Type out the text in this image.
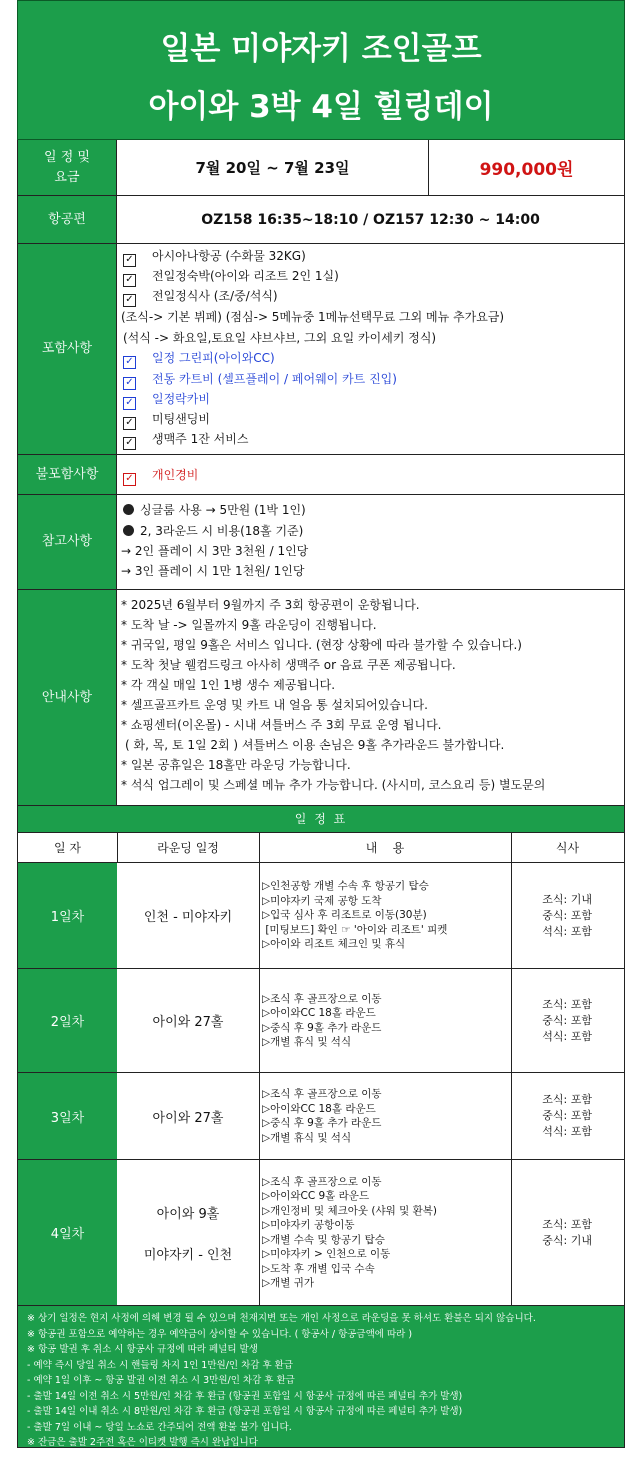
일본 미야자키 조인골프
아이와 3박 4일 힐링데이
일 정 및
요금	7월 20일 ~ 7월 23일	990,000원
항공편	OZ158 16:35~18:10 / OZ157 12:30 ~ 14:00
포함사항
✓ 아시아나항공 (수화물 32KG)
✓ 전일정숙박(아이와 리조트 2인 1실)
✓ 전일정식사 (조/중/석식)
(조식-> 기본 뷔페) (점심-> 5메뉴중 1메뉴선택무료 그외 메뉴 추가요금)
(석식 -> 화요일,토요일 샤브샤브, 그외 요일 카이세키 정식)
✓ 일정 그린피(아이와CC)
✓ 전동 카트비 (셀프플레이 / 페어웨이 카트 진입)
✓ 일정락카비
✓ 미팅샌딩비
✓ 생맥주 1잔 서비스
불포함사항	✓ 개인경비
참고사항
싱글룸 사용 → 5만원 (1박 1인)
2, 3라운드 시 비용(18홀 기준)
→ 2인 플레이 시 3만 3천원 / 1인당
→ 3인 플레이 시 1만 1천원/ 1인당
안내사항
* 2025년 6월부터 9월까지 주 3회 항공편이 운항됩니다.
* 도착 날 -> 일몰까지 9홀 라운딩이 진행됩니다.
* 귀국일, 평일 9홀은 서비스 입니다. (현장 상황에 따라 불가할 수 있습니다.)
* 도착 첫날 웰컴드링크 아사히 생맥주 or 음료 쿠폰 제공됩니다.
* 각 객실 매일 1인 1병 생수 제공됩니다.
* 셀프골프카트 운영 및 카트 내 얼음 통 설치되어있습니다.
* 쇼핑센터(이온몰) - 시내 셔틀버스 주 3회 무료 운영 됩니다.
( 화, 목, 토 1일 2회 ) 셔틀버스 이용 손님은 9홀 추가라운드 불가합니다.
* 일본 공휴일은 18홀만 라운딩 가능합니다.
* 석식 업그레이 및 스페셜 메뉴 추가 가능합니다. (사시미, 코스요리 등) 별도문의
일 정 표
일 자	라운딩 일정	내    용	식사
1일차	인천 - 미야자키
▷인천공항 개별 수속 후 항공기 탑승
▷미야자키 국제 공항 도착
▷입국 심사 후 리조트로 이동(30분)
[미팅보드] 확인 ☞ '아이와 리조트' 피켓
▷아이와 리조트 체크인 및 휴식
조식: 기내
중식: 포함
석식: 포함
2일차	아이와 27홀
▷조식 후 골프장으로 이동
▷아이와CC 18홀 라운드
▷중식 후 9홀 추가 라운드
▷개별 휴식 및 석식
조식: 포함
중식: 포함
석식: 포함
3일차	아이와 27홀
▷조식 후 골프장으로 이동
▷아이와CC 18홀 라운드
▷중식 후 9홀 추가 라운드
▷개별 휴식 및 석식
조식: 포함
중식: 포함
석식: 포함
4일차
아이와 9홀
미야자키 - 인천
▷조식 후 골프장으로 이동
▷아이와CC 9홀 라운드
▷개인정비 및 체크아웃 (샤워 및 환복)
▷미야자키 공항이동
▷개별 수속 및 항공기 탑승
▷미야자키 > 인천으로 이동
▷도착 후 개별 입국 수속
▷개별 귀가
조식: 포함
중식: 기내
※ 상기 일정은 현지 사정에 의해 변경 될 수 있으며 천재지변 또는 개인 사정으로 라운딩을 못 하셔도 환불은 되지 않습니다.
※ 항공권 포함으로 예약하는 경우 예약금이 상이할 수 있습니다. ( 항공사 / 항공금액에 따라 )
※ 항공 발권 후 취소 시 항공사 규정에 따라 페널티 발생
- 예약 즉시 당일 취소 시 핸들링 차지 1인 1만원/인 차감 후 환급
- 예약 1일 이후 ~ 항공 발권 이전 취소 시 3만원/인 차감 후 환급
- 출발 14일 이전 취소 시 5만원/인 차감 후 환급 (항공권 포함일 시 항공사 규정에 따른 페널티 추가 발생)
- 출발 14일 이내 취소 시 8만원/인 차감 후 환급 (항공권 포함일 시 항공사 규정에 따른 페널티 추가 발생)
- 출발 7일 이내 ~ 당일 노쇼로 간주되어 전액 환불 불가 입니다.
※ 잔금은 출발 2주전 혹은 이티켓 발행 즉시 완납입니다
